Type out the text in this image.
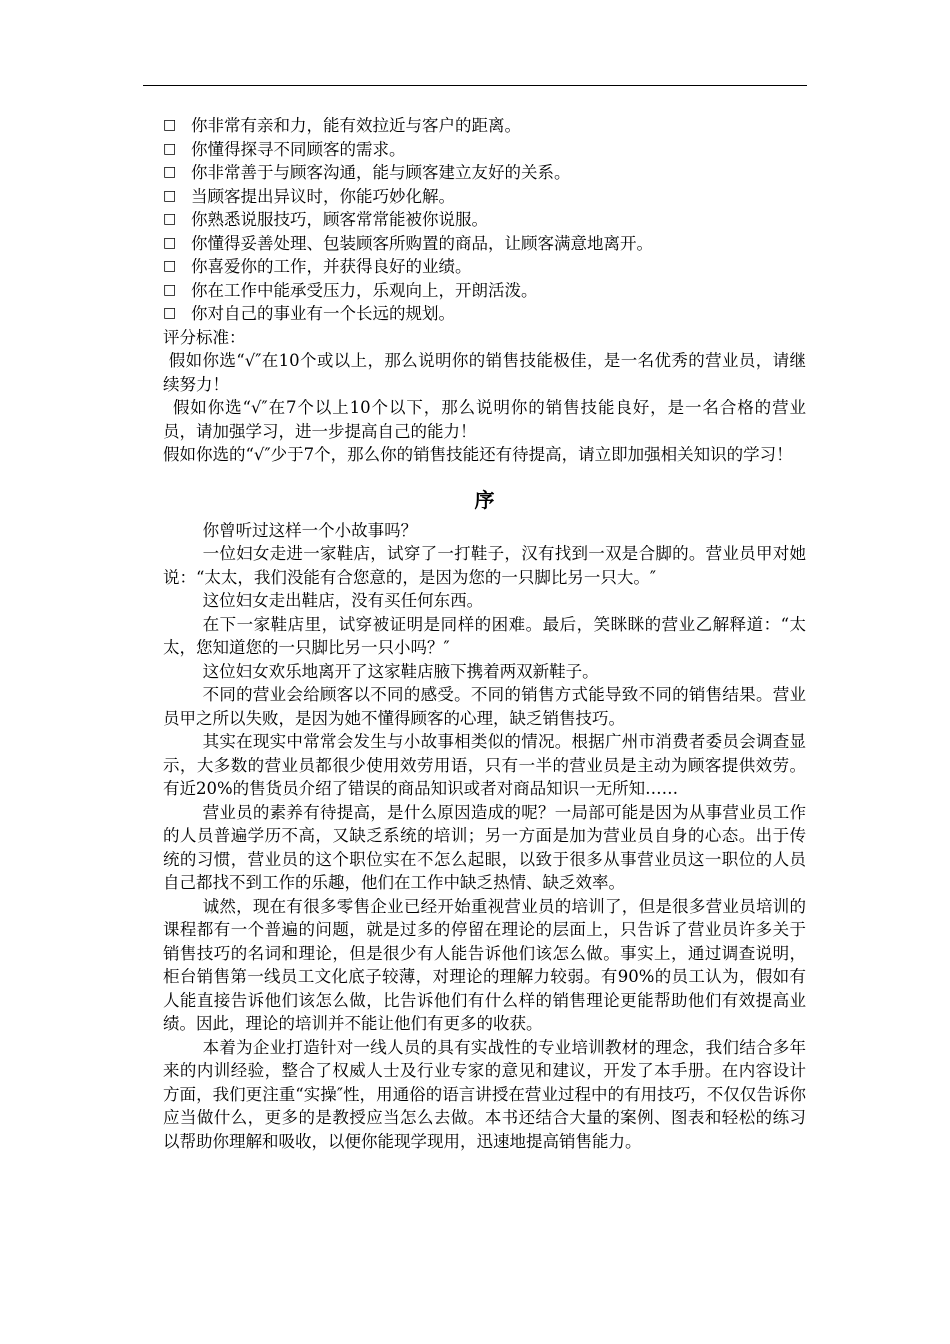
□ 你非常有亲和力，能有效拉近与客户的距离。
□ 你懂得探寻不同顾客的需求。
□ 你非常善于与顾客沟通，能与顾客建立友好的关系。
□ 当顾客提出异议时，你能巧妙化解。
□ 你熟悉说服技巧，顾客常常能被你说服。
□ 你懂得妥善处理、包装顾客所购置的商品，让顾客满意地离开。
□ 你喜爱你的工作，并获得良好的业绩。
□ 你在工作中能承受压力，乐观向上，开朗活泼。
□ 你对自己的事业有一个长远的规划。

评分标准：

假如你选“√″在10个或以上，那么说明你的销售技能极佳，是一名优秀的营业员，请继续努力！

假如你选“√″在7个以上10个以下，那么说明你的销售技能良好，是一名合格的营业员，请加强学习，进一步提高自己的能力！

假如你选的“√″少于7个，那么你的销售技能还有待提高，请立即加强相关知识的学习！

序

你曾听过这样一个小故事吗？

一位妇女走进一家鞋店，试穿了一打鞋子，汉有找到一双是合脚的。营业员甲对她说：“太太，我们没能有合您意的，是因为您的一只脚比另一只大。″

这位妇女走出鞋店，没有买任何东西。

在下一家鞋店里，试穿被证明是同样的困难。最后，笑眯眯的营业乙解释道：“太太，您知道您的一只脚比另一只小吗？″

这位妇女欢乐地离开了这家鞋店腋下携着两双新鞋子。

不同的营业会给顾客以不同的感受。不同的销售方式能导致不同的销售结果。营业员甲之所以失败，是因为她不懂得顾客的心理，缺乏销售技巧。

其实在现实中常常会发生与小故事相类似的情况。根据广州市消费者委员会调查显示，大多数的营业员都很少使用效劳用语，只有一半的营业员是主动为顾客提供效劳。有近20%的售货员介绍了错误的商品知识或者对商品知识一无所知……

营业员的素养有待提高，是什么原因造成的呢？一局部可能是因为从事营业员工作的人员普遍学历不高，又缺乏系统的培训；另一方面是加为营业员自身的心态。出于传统的习惯，营业员的这个职位实在不怎么起眼，以致于很多从事营业员这一职位的人员自己都找不到工作的乐趣，他们在工作中缺乏热情、缺乏效率。

诚然，现在有很多零售企业已经开始重视营业员的培训了，但是很多营业员培训的课程都有一个普遍的问题，就是过多的停留在理论的层面上，只告诉了营业员许多关于销售技巧的名词和理论，但是很少有人能告诉他们该怎么做。事实上，通过调查说明，柜台销售第一线员工文化底子较薄，对理论的理解力较弱。有90%的员工认为，假如有人能直接告诉他们该怎么做，比告诉他们有什么样的销售理论更能帮助他们有效提高业绩。因此，理论的培训并不能让他们有更多的收获。

本着为企业打造针对一线人员的具有实战性的专业培训教材的理念，我们结合多年来的内训经验，整合了权威人士及行业专家的意见和建议，开发了本手册。在内容设计方面，我们更注重“实操″性，用通俗的语言讲授在营业过程中的有用技巧，不仅仅告诉你应当做什么，更多的是教授应当怎么去做。本书还结合大量的案例、图表和轻松的练习以帮助你理解和吸收，以便你能现学现用，迅速地提高销售能力。
